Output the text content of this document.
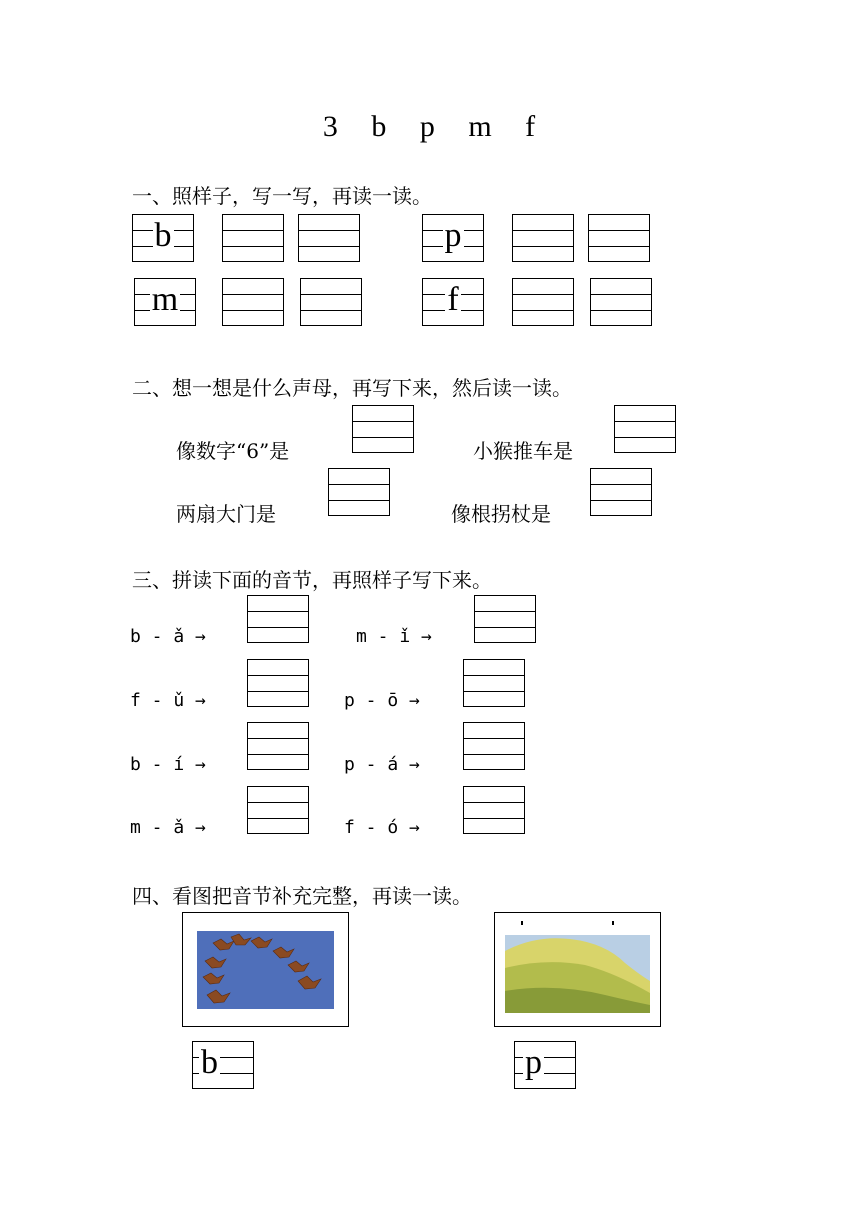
3 b p m f
一、照样子，写一写，再读一读。
b	p
m	f
二、想一想是什么声母，再写下来，然后读一读。
像数字“6”是	小猴推车是
两扇大门是	像根拐杖是
三、拼读下面的音节，再照样子写下来。
b - ǎ →	m - ǐ →
f - ǔ →	p - ō →
b - í →	p - á →
m - ǎ →	f - ó →
四、看图把音节补充完整，再读一读。
b	p
